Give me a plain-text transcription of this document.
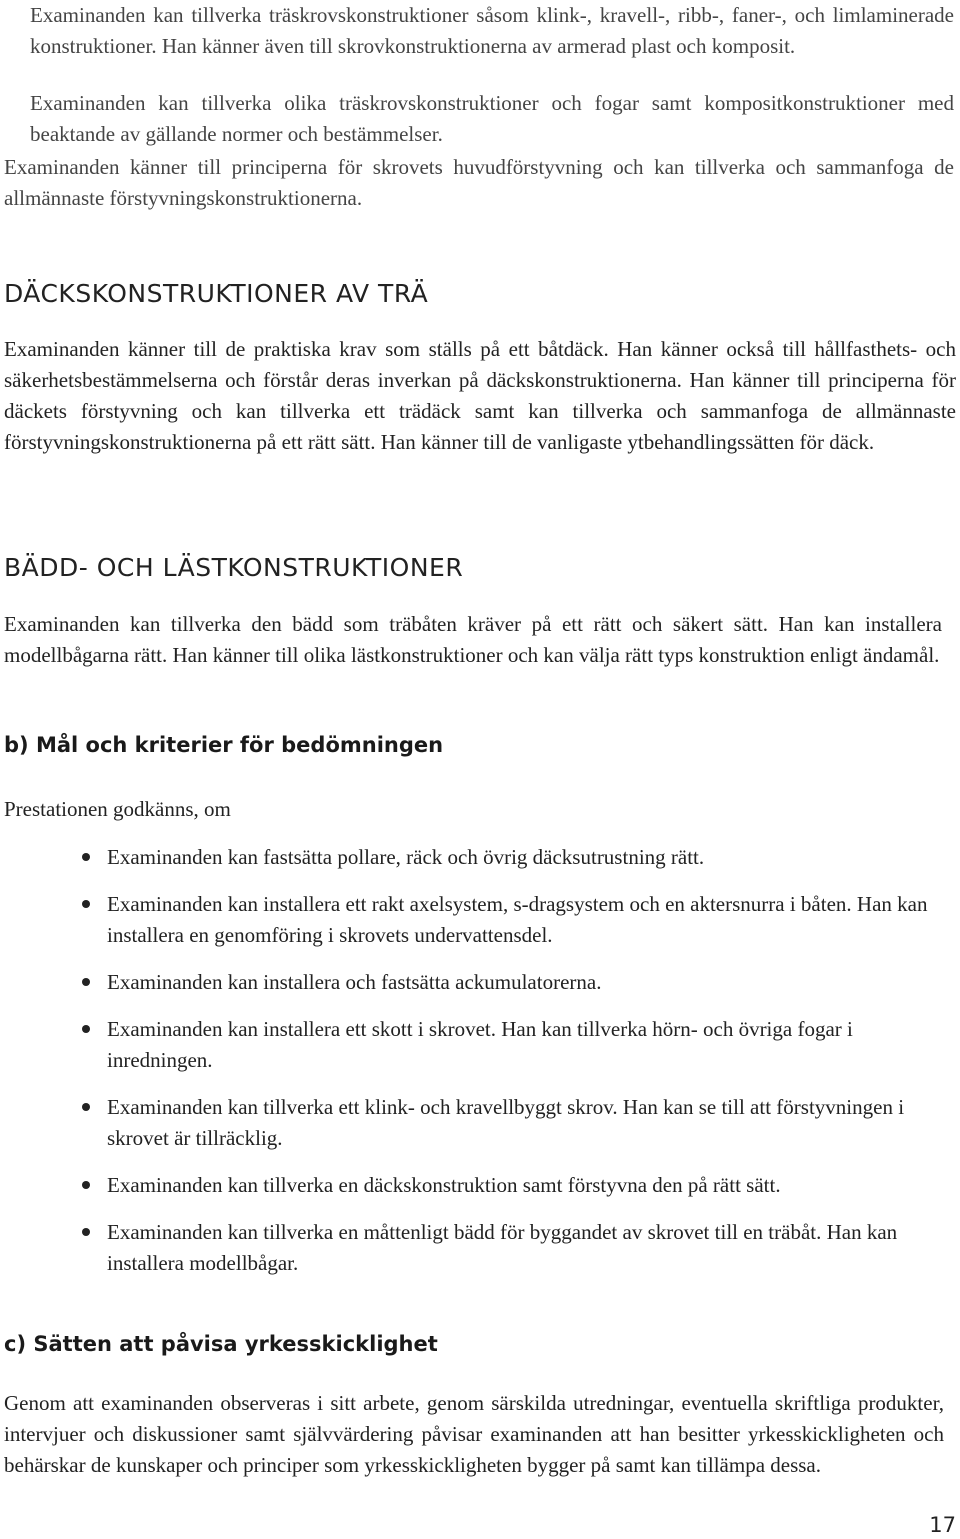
Examinanden kan tillverka träskrovskonstruktioner såsom klink-, kravell-, ribb-, faner-, och limlaminerade konstruktioner. Han känner även till skrovkonstruktionerna av armerad plast och komposit.

Examinanden kan tillverka olika träskrovskonstruktioner och fogar samt kompositkonstruktioner med beaktande av gällande normer och bestämmelser.

Examinanden känner till principerna för skrovets huvudförstyvning och kan tillverka och sammanfoga de allmännaste förstyvningskonstruktionerna.

DÄCKSKONSTRUKTIONER AV TRÄ

Examinanden känner till de praktiska krav som ställs på ett båtdäck. Han känner också till hållfasthets- och säkerhetsbestämmelserna och förstår deras inverkan på däckskonstruktionerna. Han känner till principerna för däckets förstyvning och kan tillverka ett trädäck samt kan tillverka och sammanfoga de allmännaste förstyvningskonstruktionerna på ett rätt sätt. Han känner till de vanligaste ytbehandlingssätten för däck.

BÄDD- OCH LÄSTKONSTRUKTIONER

Examinanden kan tillverka den bädd som träbåten kräver på ett rätt och säkert sätt. Han kan installera modellbågarna rätt. Han känner till olika lästkonstruktioner och kan välja rätt typs konstruktion enligt ändamål.

b) Mål och kriterier för bedömningen

Prestationen godkänns, om

Examinanden kan fastsätta pollare, räck och övrig däcksutrustning rätt.
Examinanden kan installera ett rakt axelsystem, s-dragsystem och en aktersnurra i båten. Han kan installera en genomföring i skrovets undervattensdel.
Examinanden kan installera och fastsätta ackumulatorerna.
Examinanden kan installera ett skott i skrovet. Han kan tillverka hörn- och övriga fogar i inredningen.
Examinanden kan tillverka ett klink- och kravellbyggt skrov. Han kan se till att förstyvningen i skrovet är tillräcklig.
Examinanden kan tillverka en däckskonstruktion samt förstyvna den på rätt sätt.
Examinanden kan tillverka en måttenligt bädd för byggandet av skrovet till en träbåt. Han kan installera modellbågar.
c) Sätten att påvisa yrkesskicklighet

Genom att examinanden observeras i sitt arbete, genom särskilda utredningar, eventuella skriftliga produkter, intervjuer och diskussioner samt självvärdering påvisar examinanden att han besitter yrkesskickligheten och behärskar de kunskaper och principer som yrkesskickligheten bygger på samt kan tillämpa dessa.

17
